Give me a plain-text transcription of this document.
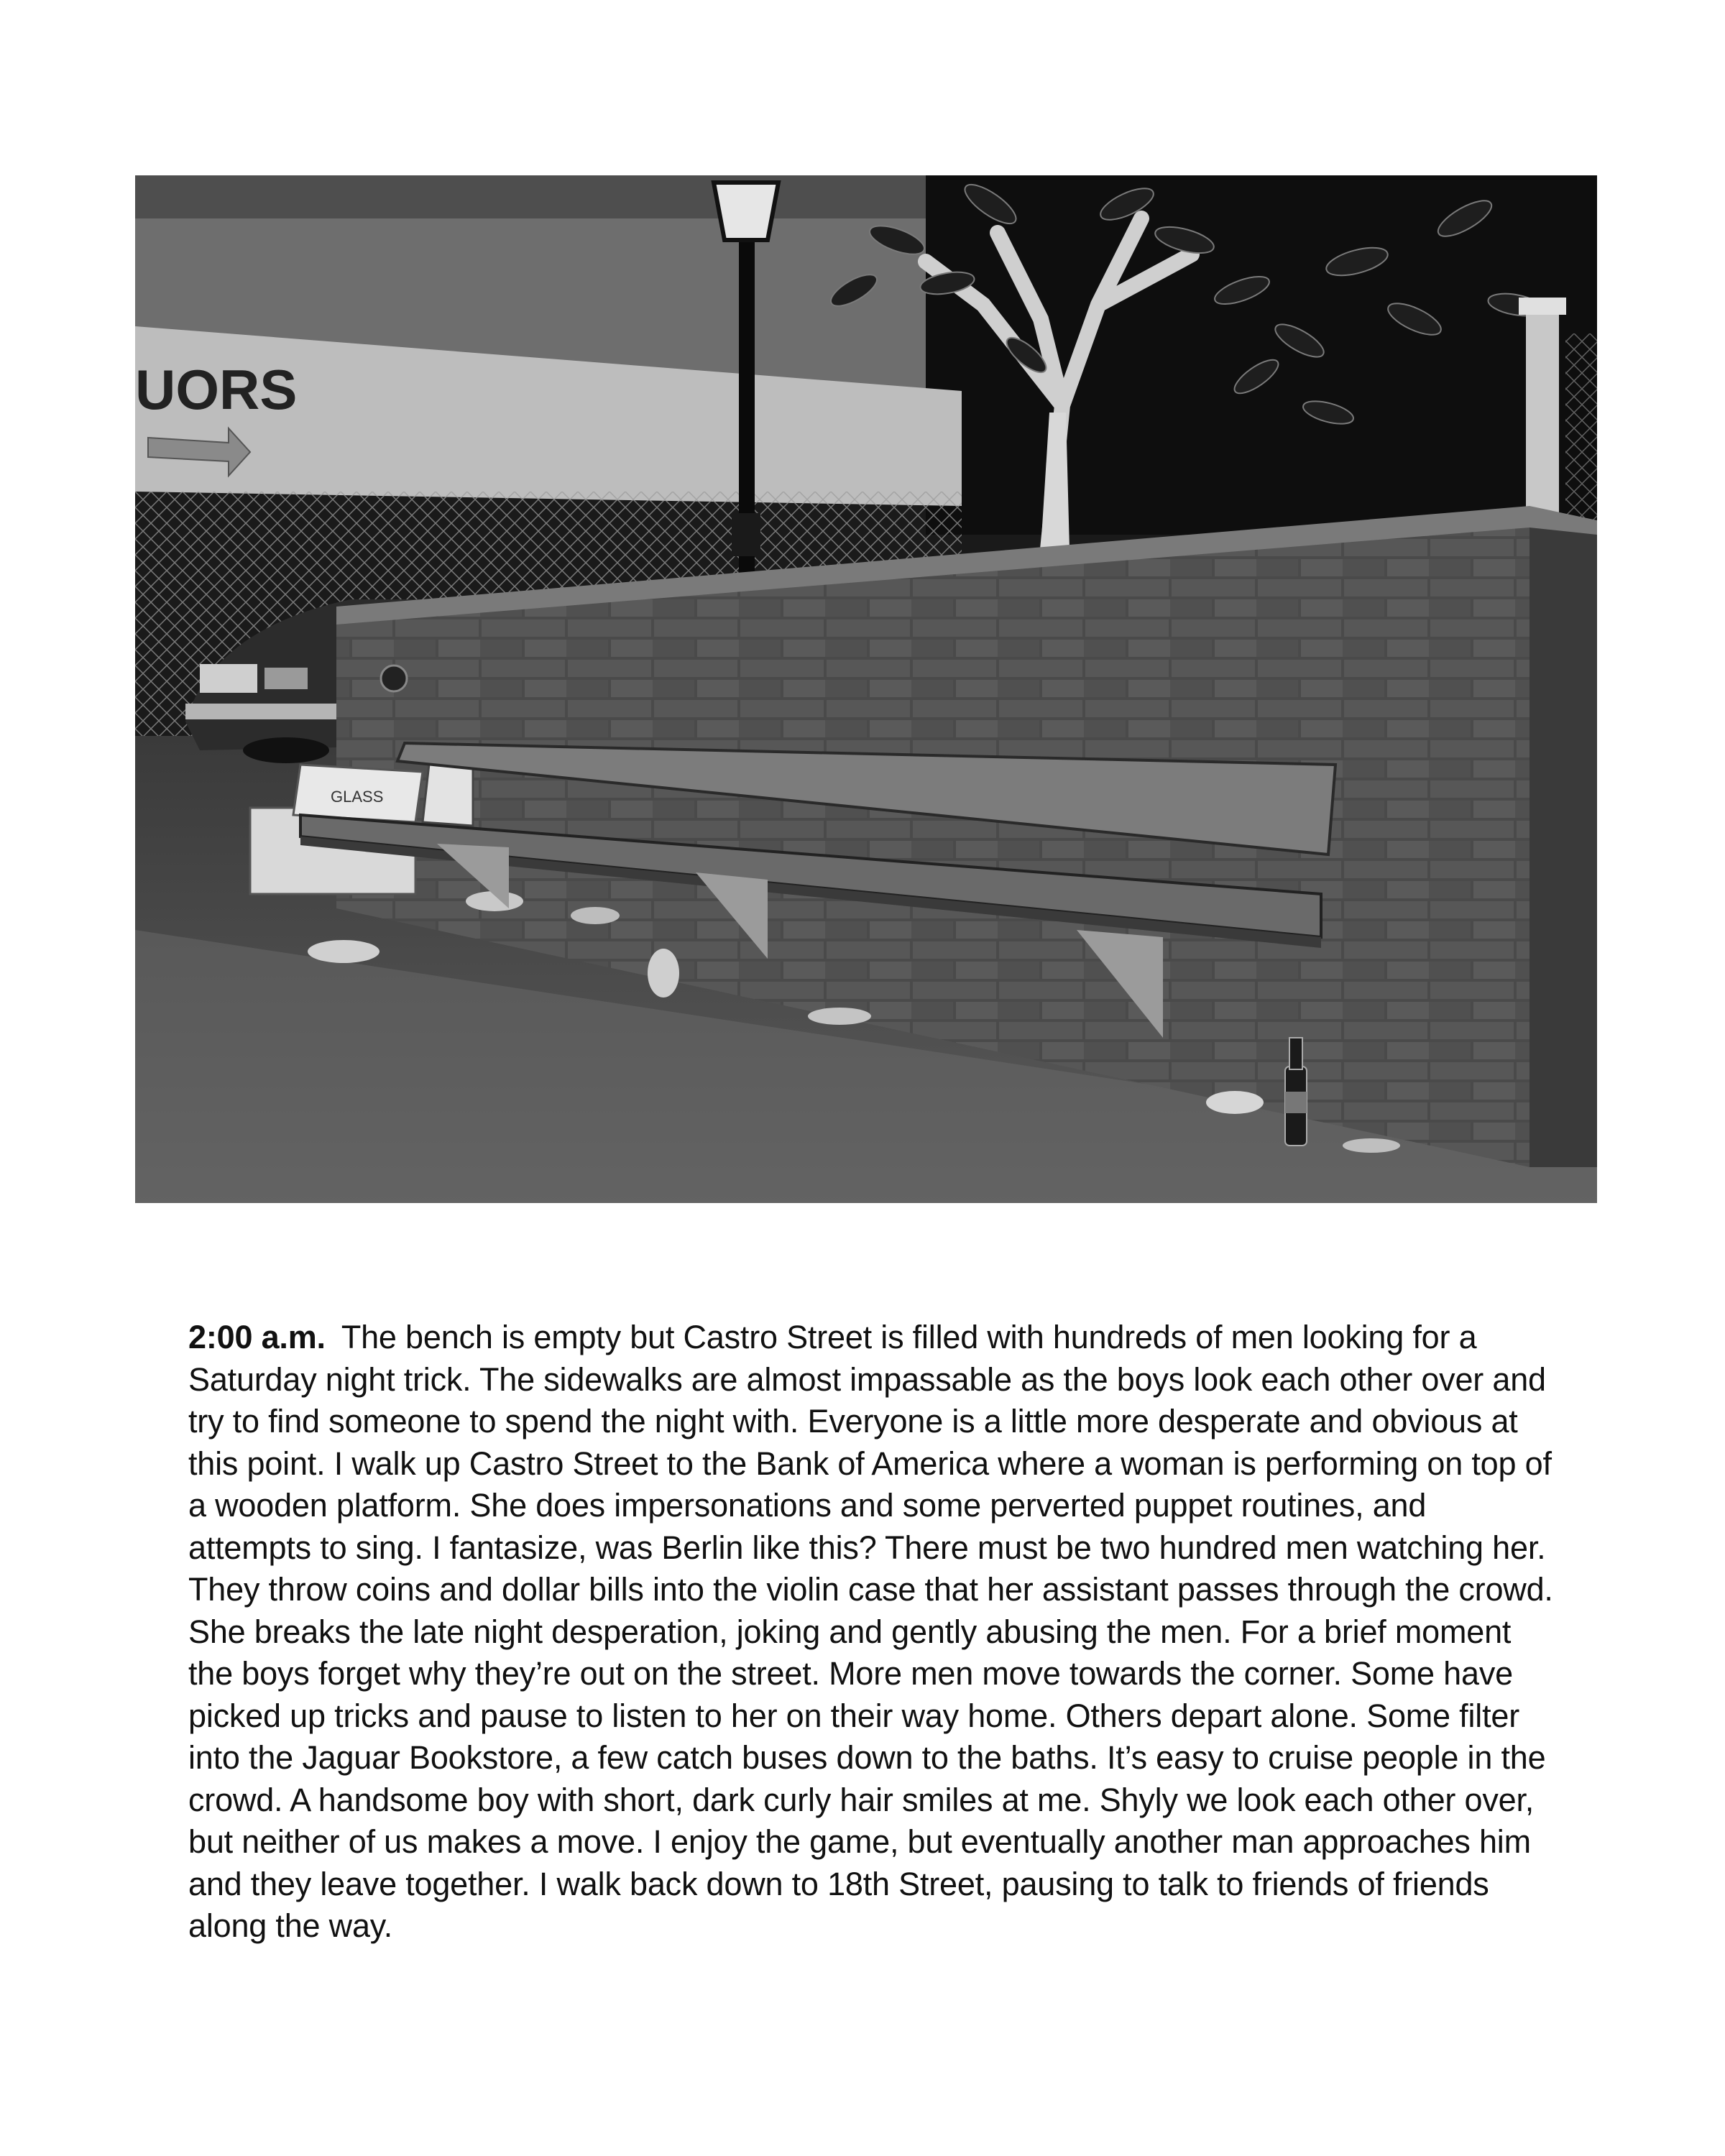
UORS
GLASS
2:00 a.m. The bench is empty but Castro Street is filled with hundreds of men looking for a Saturday night trick. The sidewalks are almost impassable as the boys look each other over and try to find someone to spend the night with. Everyone is a little more desperate and obvious at this point. I walk up Castro Street to the Bank of America where a woman is performing on top of a wooden platform. She does impersonations and some perverted puppet routines, and attempts to sing. I fantasize, was Berlin like this? There must be two hundred men watching her. They throw coins and dollar bills into the violin case that her assistant passes through the crowd. She breaks the late night desperation, joking and gently abusing the men. For a brief moment the boys forget why they’re out on the street. More men move towards the corner. Some have picked up tricks and pause to listen to her on their way home. Others depart alone. Some filter into the Jaguar Bookstore, a few catch buses down to the baths. It’s easy to cruise people in the crowd. A handsome boy with short, dark curly hair smiles at me. Shyly we look each other over, but neither of us makes a move. I enjoy the game, but eventually another man approaches him and they leave together. I walk back down to 18th Street, pausing to talk to friends of friends along the way.
